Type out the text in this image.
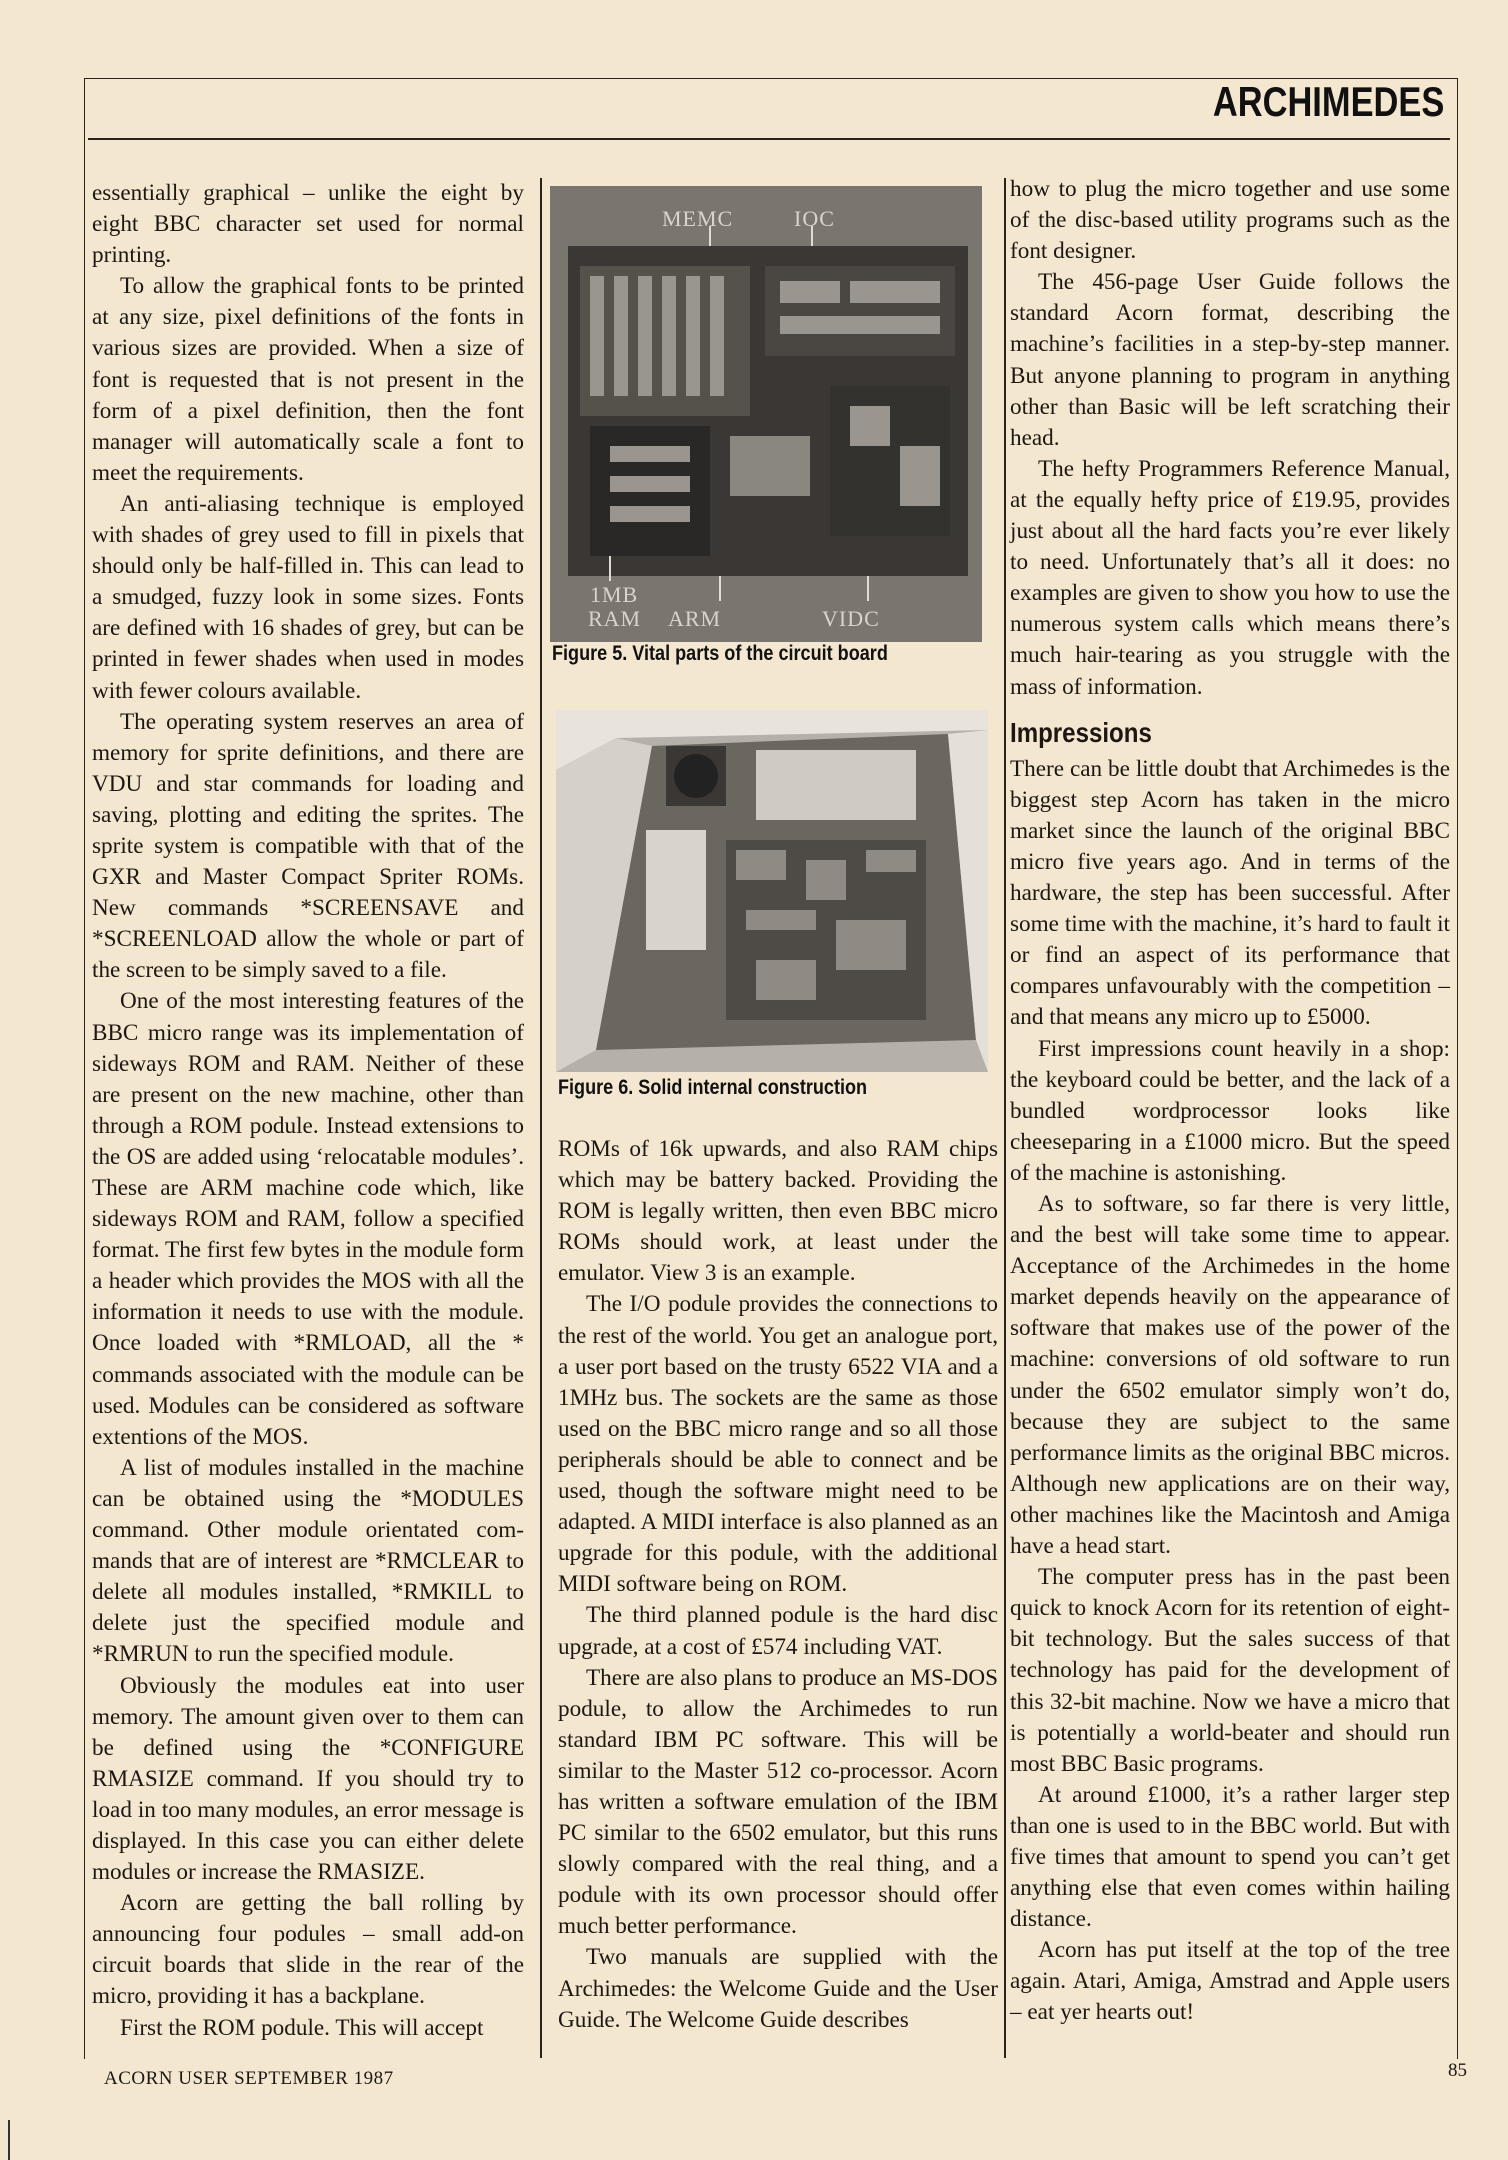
ARCHIMEDES

essentially graphical – unlike the eight by eight BBC character set used for normal printing.

To allow the graphical fonts to be printed at any size, pixel definitions of the fonts in various sizes are provided. When a size of font is requested that is not present in the form of a pixel definition, then the font manager will automatically scale a font to meet the requirements.

An anti-aliasing technique is employed with shades of grey used to fill in pixels that should only be half-filled in. This can lead to a smudged, fuzzy look in some sizes. Fonts are defined with 16 shades of grey, but can be printed in fewer shades when used in modes with fewer colours available.

The operating system reserves an area of memory for sprite definitions, and there are VDU and star commands for loading and saving, plotting and editing the sprites. The sprite system is compatible with that of the GXR and Master Compact Spriter ROMs. New commands *SCREENSAVE and *SCREENLOAD allow the whole or part of the screen to be simply saved to a file.

One of the most interesting features of the BBC micro range was its implementation of sideways ROM and RAM. Neither of these are present on the new machine, other than through a ROM podule. Instead extensions to the OS are added using ‘relocatable modules’. These are ARM machine code which, like sideways ROM and RAM, follow a specified format. The first few bytes in the module form a header which provides the MOS with all the information it needs to use with the module. Once loaded with *RMLOAD, all the * commands associated with the module can be used. Modules can be considered as software extentions of the MOS.

A list of modules installed in the machine can be obtained using the *MODULES command. Other module orientated commands that are of interest are *RMCLEAR to delete all modules installed, *RMKILL to delete just the specified module and *RMRUN to run the specified module.

Obviously the modules eat into user memory. The amount given over to them can be defined using the *CONFIGURE RMASIZE command. If you should try to load in too many modules, an error message is displayed. In this case you can either delete modules or increase the RMASIZE.

Acorn are getting the ball rolling by announcing four podules – small add-on circuit boards that slide in the rear of the micro, providing it has a backplane.

First the ROM podule. This will accept

MEMC	IOC
1MB
RAM ARM	VIDC
Figure 5. Vital parts of the circuit board
Figure 6. Solid internal construction

ROMs of 16k upwards, and also RAM chips which may be battery backed. Providing the ROM is legally written, then even BBC micro ROMs should work, at least under the emulator. View 3 is an example.

The I/O podule provides the connections to the rest of the world. You get an analogue port, a user port based on the trusty 6522 VIA and a 1MHz bus. The sockets are the same as those used on the BBC micro range and so all those peripherals should be able to connect and be used, though the software might need to be adapted. A MIDI interface is also planned as an upgrade for this podule, with the additional MIDI software being on ROM.

The third planned podule is the hard disc upgrade, at a cost of £574 including VAT.

There are also plans to produce an MS-DOS podule, to allow the Archimedes to run standard IBM PC software. This will be similar to the Master 512 co-processor. Acorn has written a software emulation of the IBM PC similar to the 6502 emulator, but this runs slowly compared with the real thing, and a podule with its own processor should offer much better performance.

Two manuals are supplied with the Archimedes: the Welcome Guide and the User Guide. The Welcome Guide describes

how to plug the micro together and use some of the disc-based utility programs such as the font designer.

The 456-page User Guide follows the standard Acorn format, describing the machine’s facilities in a step-by-step manner. But anyone planning to program in anything other than Basic will be left scratching their head.

The hefty Programmers Reference Manual, at the equally hefty price of £19.95, provides just about all the hard facts you’re ever likely to need. Unfortunately that’s all it does: no examples are given to show you how to use the numerous system calls which means there’s much hair-tearing as you struggle with the mass of information.

Impressions

There can be little doubt that Archimedes is the biggest step Acorn has taken in the micro market since the launch of the original BBC micro five years ago. And in terms of the hardware, the step has been successful. After some time with the machine, it’s hard to fault it or find an aspect of its performance that compares unfavourably with the competition – and that means any micro up to £5000.

First impressions count heavily in a shop: the keyboard could be better, and the lack of a bundled wordprocessor looks like cheeseparing in a £1000 micro. But the speed of the machine is astonishing.

As to software, so far there is very little, and the best will take some time to appear. Acceptance of the Archimedes in the home market depends heavily on the appearance of software that makes use of the power of the machine: conversions of old software to run under the 6502 emulator simply won’t do, because they are subject to the same performance limits as the original BBC micros. Although new applications are on their way, other machines like the Macintosh and Amiga have a head start.

The computer press has in the past been quick to knock Acorn for its retention of eight-bit technology. But the sales success of that technology has paid for the development of this 32-bit machine. Now we have a micro that is potentially a world-beater and should run most BBC Basic programs.

At around £1000, it’s a rather larger step than one is used to in the BBC world. But with five times that amount to spend you can’t get anything else that even comes within hailing distance.

Acorn has put itself at the top of the tree again. Atari, Amiga, Amstrad and Apple users – eat yer hearts out!

ACORN USER SEPTEMBER 1987	85
